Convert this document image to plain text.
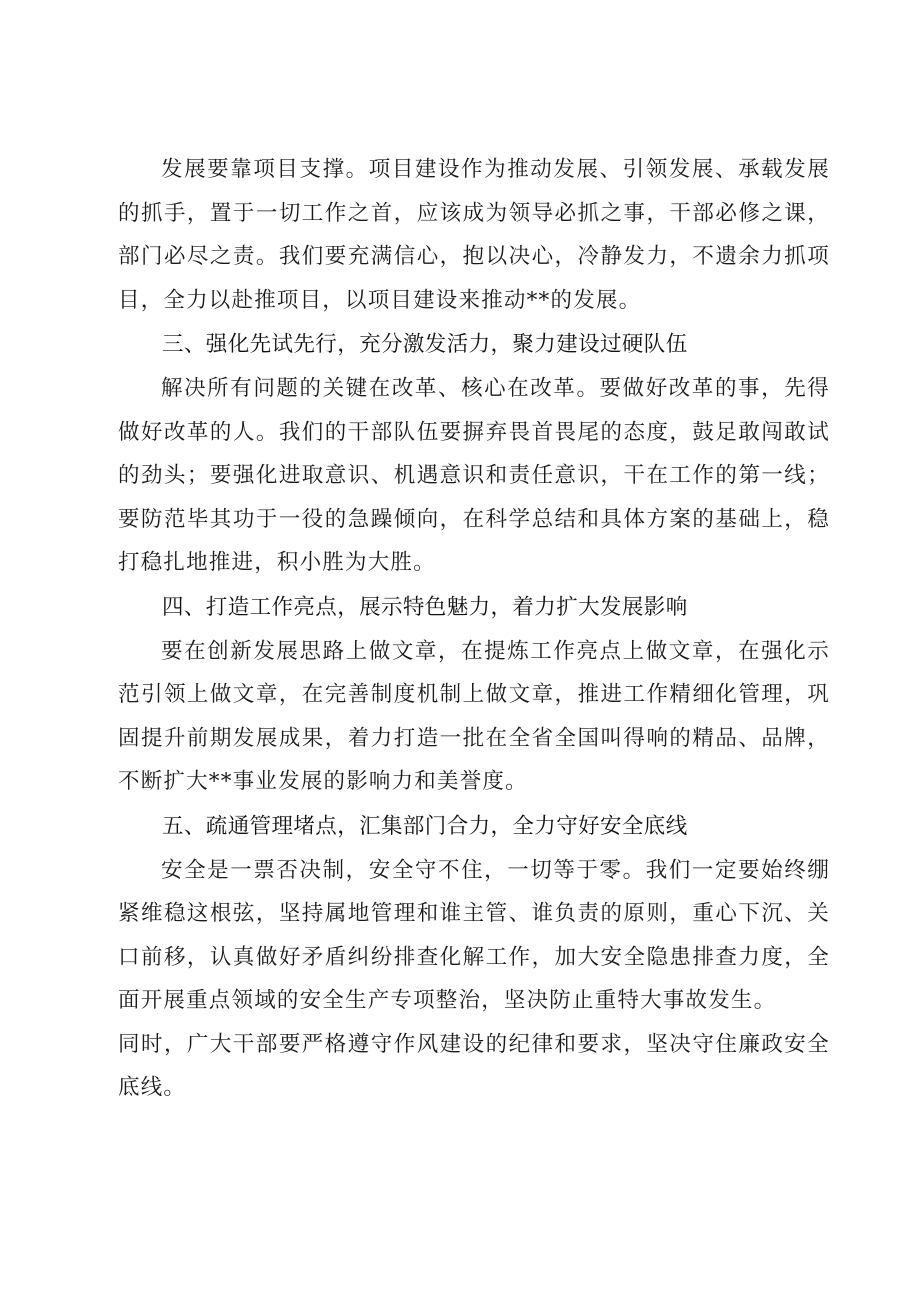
发展要靠项目支撑。项目建设作为推动发展、引领发展、承载发展的抓手，置于一切工作之首，应该成为领导必抓之事，干部必修之课，部门必尽之责。我们要充满信心，抱以决心，冷静发力，不遗余力抓项目，全力以赴推项目，以项目建设来推动**的发展。

三、强化先试先行，充分激发活力，聚力建设过硬队伍

解决所有问题的关键在改革、核心在改革。要做好改革的事，先得做好改革的人。我们的干部队伍要摒弃畏首畏尾的态度，鼓足敢闯敢试的劲头；要强化进取意识、机遇意识和责任意识，干在工作的第一线；要防范毕其功于一役的急躁倾向，在科学总结和具体方案的基础上，稳打稳扎地推进，积小胜为大胜。

四、打造工作亮点，展示特色魅力，着力扩大发展影响

要在创新发展思路上做文章，在提炼工作亮点上做文章，在强化示范引领上做文章，在完善制度机制上做文章，推进工作精细化管理，巩固提升前期发展成果，着力打造一批在全省全国叫得响的精品、品牌，不断扩大**事业发展的影响力和美誉度。

五、疏通管理堵点，汇集部门合力，全力守好安全底线

安全是一票否决制，安全守不住，一切等于零。我们一定要始终绷紧维稳这根弦，坚持属地管理和谁主管、谁负责的原则，重心下沉、关口前移，认真做好矛盾纠纷排查化解工作，加大安全隐患排查力度，全面开展重点领域的安全生产专项整治，坚决防止重特大事故发生。

同时，广大干部要严格遵守作风建设的纪律和要求，坚决守住廉政安全底线。
